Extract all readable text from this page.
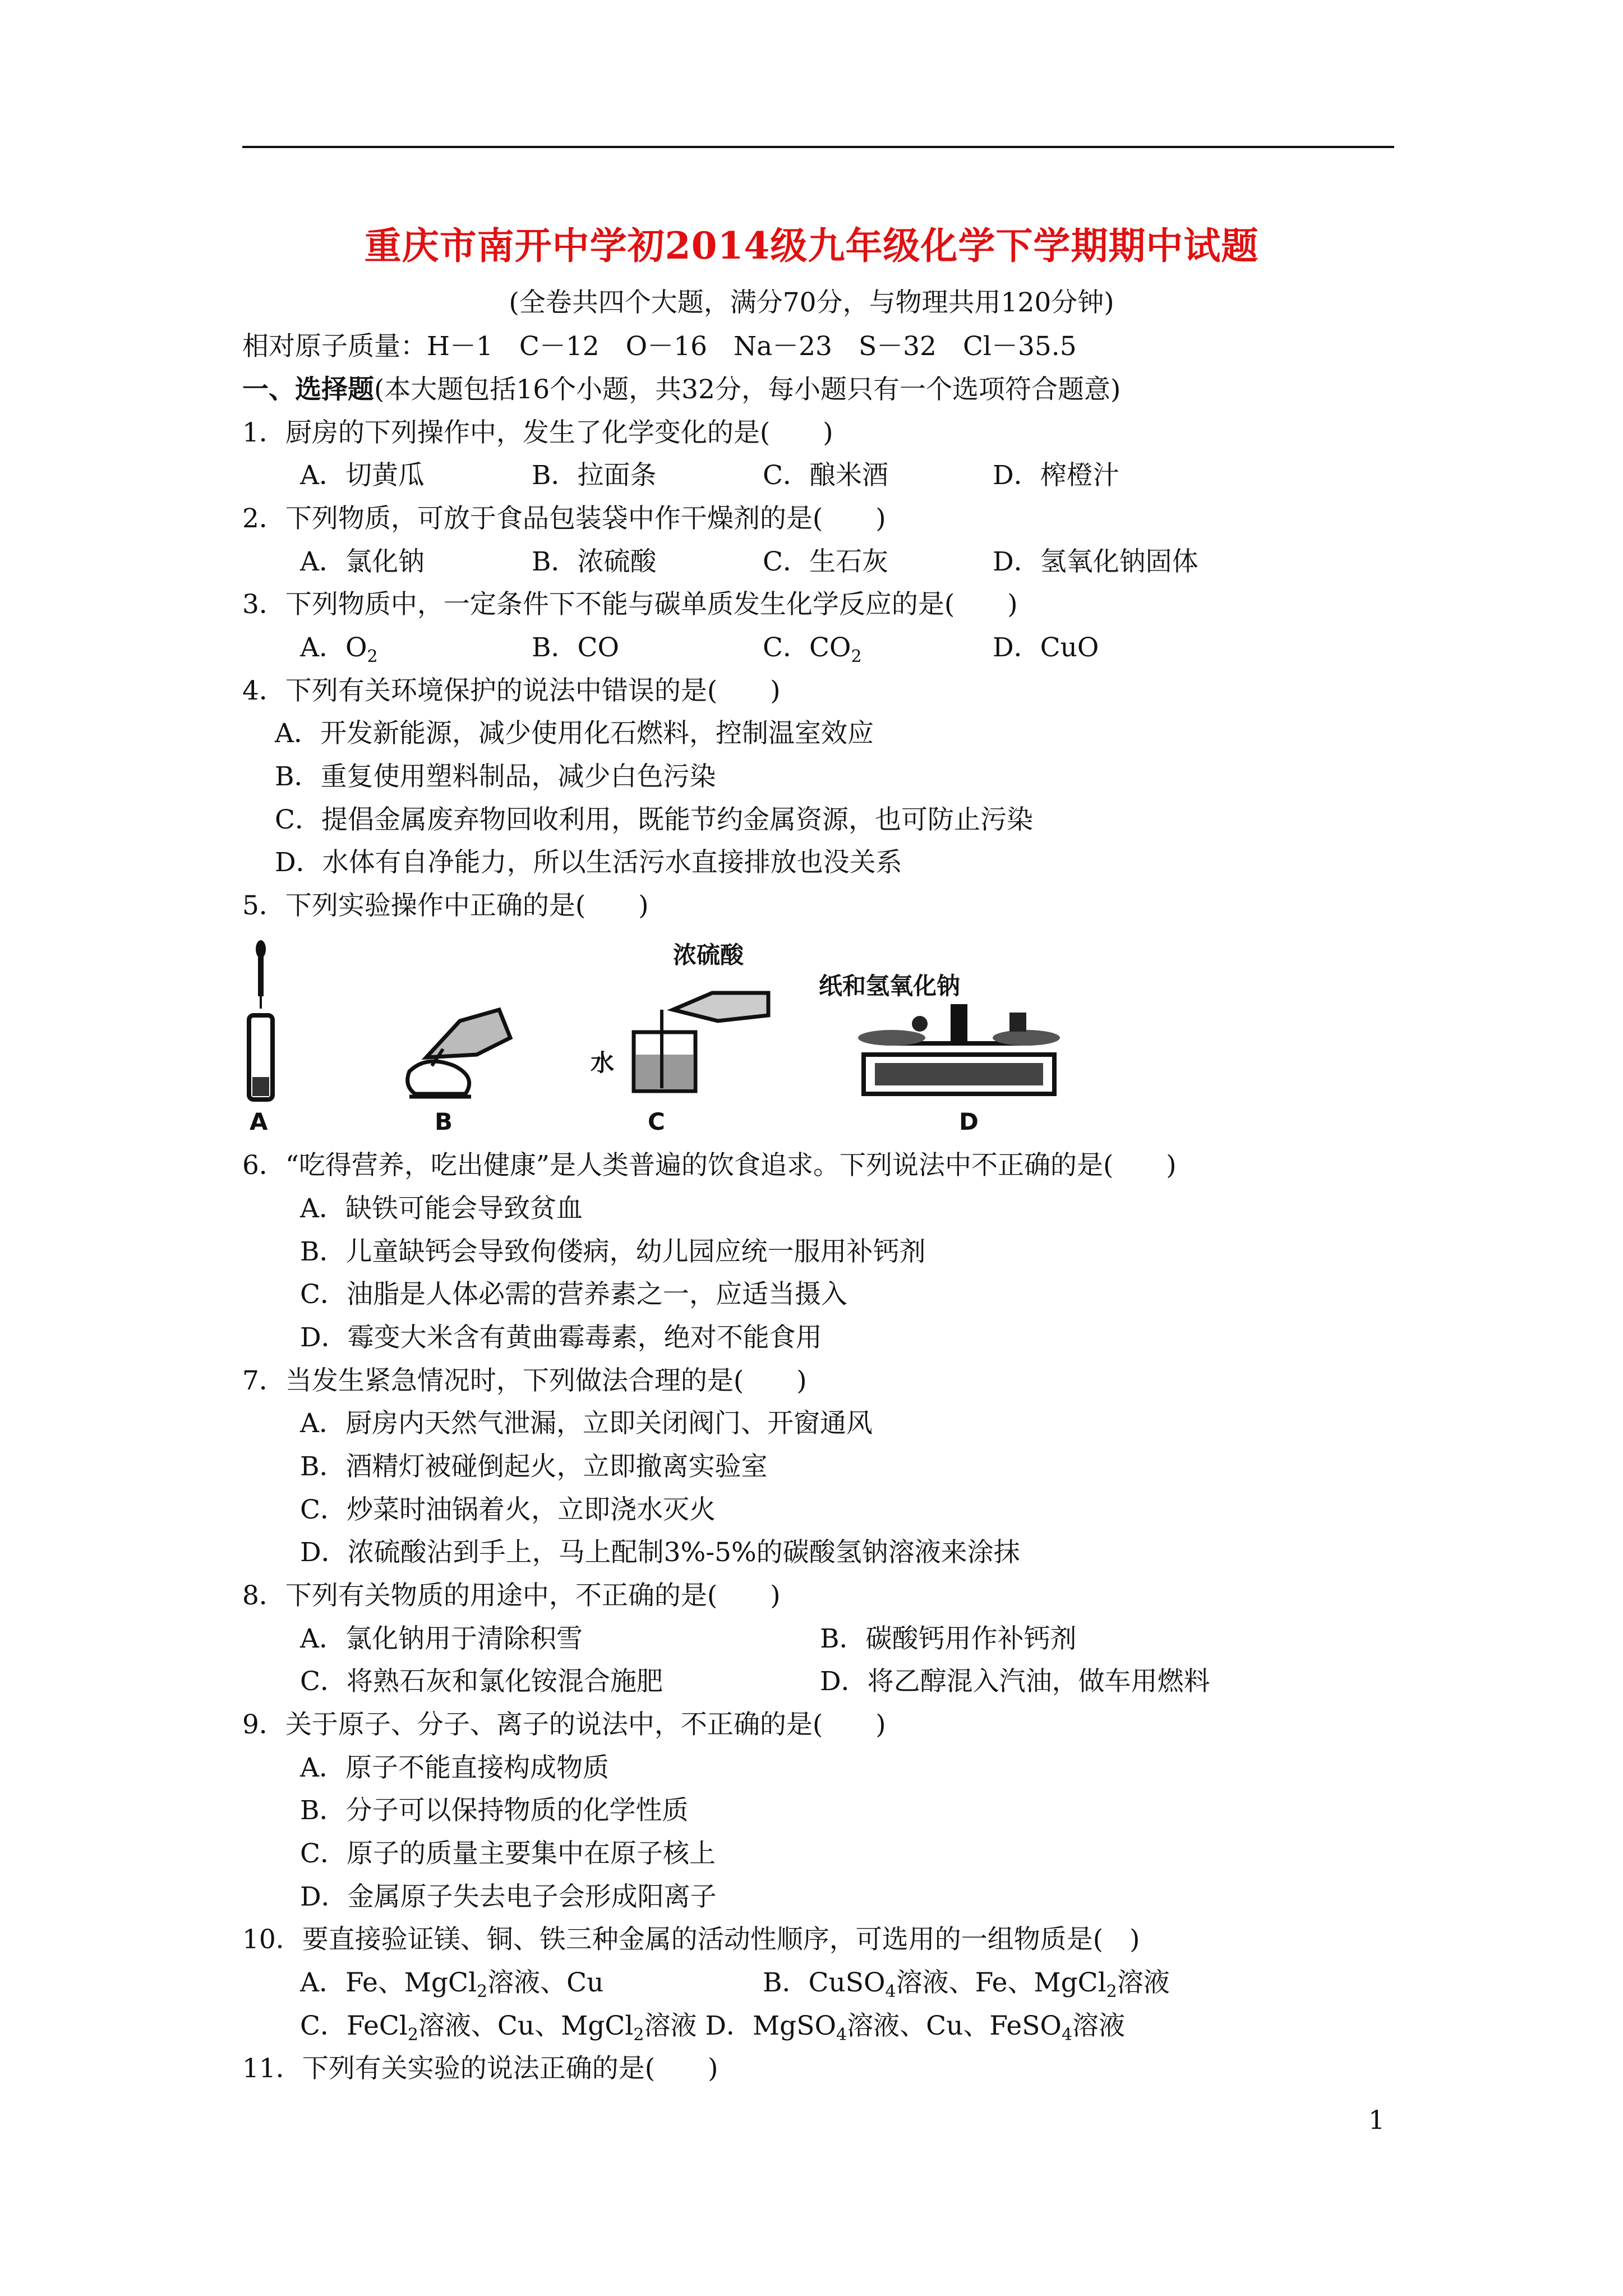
重庆市南开中学初2014级九年级化学下学期期中试题
(全卷共四个大题，满分70分，与物理共用120分钟)
相对原子质量：H－1　C－12　O－16　Na－23　S－32　Cl－35.5
一、选择题(本大题包括16个小题，共32分，每小题只有一个选项符合题意)
1．厨房的下列操作中，发生了化学变化的是(　　)
A．切黄瓜	B．拉面条	C．酿米酒	D．榨橙汁
2．下列物质，可放于食品包装袋中作干燥剂的是(　　)
A．氯化钠	B．浓硫酸	C．生石灰	D．氢氧化钠固体
3．下列物质中，一定条件下不能与碳单质发生化学反应的是(　　)
A．$O_2$	B．CO	C．$CO_2$	D．CuO
4．下列有关环境保护的说法中错误的是(　　)
A．开发新能源，减少使用化石燃料，控制温室效应
B．重复使用塑料制品，减少白色污染
C．提倡金属废弃物回收利用，既能节约金属资源，也可防止污染
D．水体有自净能力，所以生活污水直接排放也没关系
5．下列实验操作中正确的是(　　)
A	B
浓硫酸
水
C
纸和氢氧化钠
D
6．“吃得营养，吃出健康”是人类普遍的饮食追求。下列说法中不正确的是(　　)
A．缺铁可能会导致贫血
B．儿童缺钙会导致佝偻病，幼儿园应统一服用补钙剂
C．油脂是人体必需的营养素之一，应适当摄入
D．霉变大米含有黄曲霉毒素，绝对不能食用
7．当发生紧急情况时，下列做法合理的是(　　)
A．厨房内天然气泄漏，立即关闭阀门、开窗通风
B．酒精灯被碰倒起火，立即撤离实验室
C．炒菜时油锅着火，立即浇水灭火
D．浓硫酸沾到手上，马上配制3%-5%的碳酸氢钠溶液来涂抹
8．下列有关物质的用途中，不正确的是(　　)
A．氯化钠用于清除积雪	B．碳酸钙用作补钙剂
C．将熟石灰和氯化铵混合施肥	D．将乙醇混入汽油，做车用燃料
9．关于原子、分子、离子的说法中，不正确的是(　　)
A．原子不能直接构成物质
B．分子可以保持物质的化学性质
C．原子的质量主要集中在原子核上
D．金属原子失去电子会形成阳离子
10．要直接验证镁、铜、铁三种金属的活动性顺序，可选用的一组物质是(　)
A．Fe、MgCl$_2$溶液、Cu	B．CuSO$_4$溶液、Fe、MgCl$_2$溶液
C．FeCl$_2$溶液、Cu、MgCl$_2$溶液 D．MgSO$_4$溶液、Cu、FeSO$_4$溶液
11．下列有关实验的说法正确的是(　　)
1
